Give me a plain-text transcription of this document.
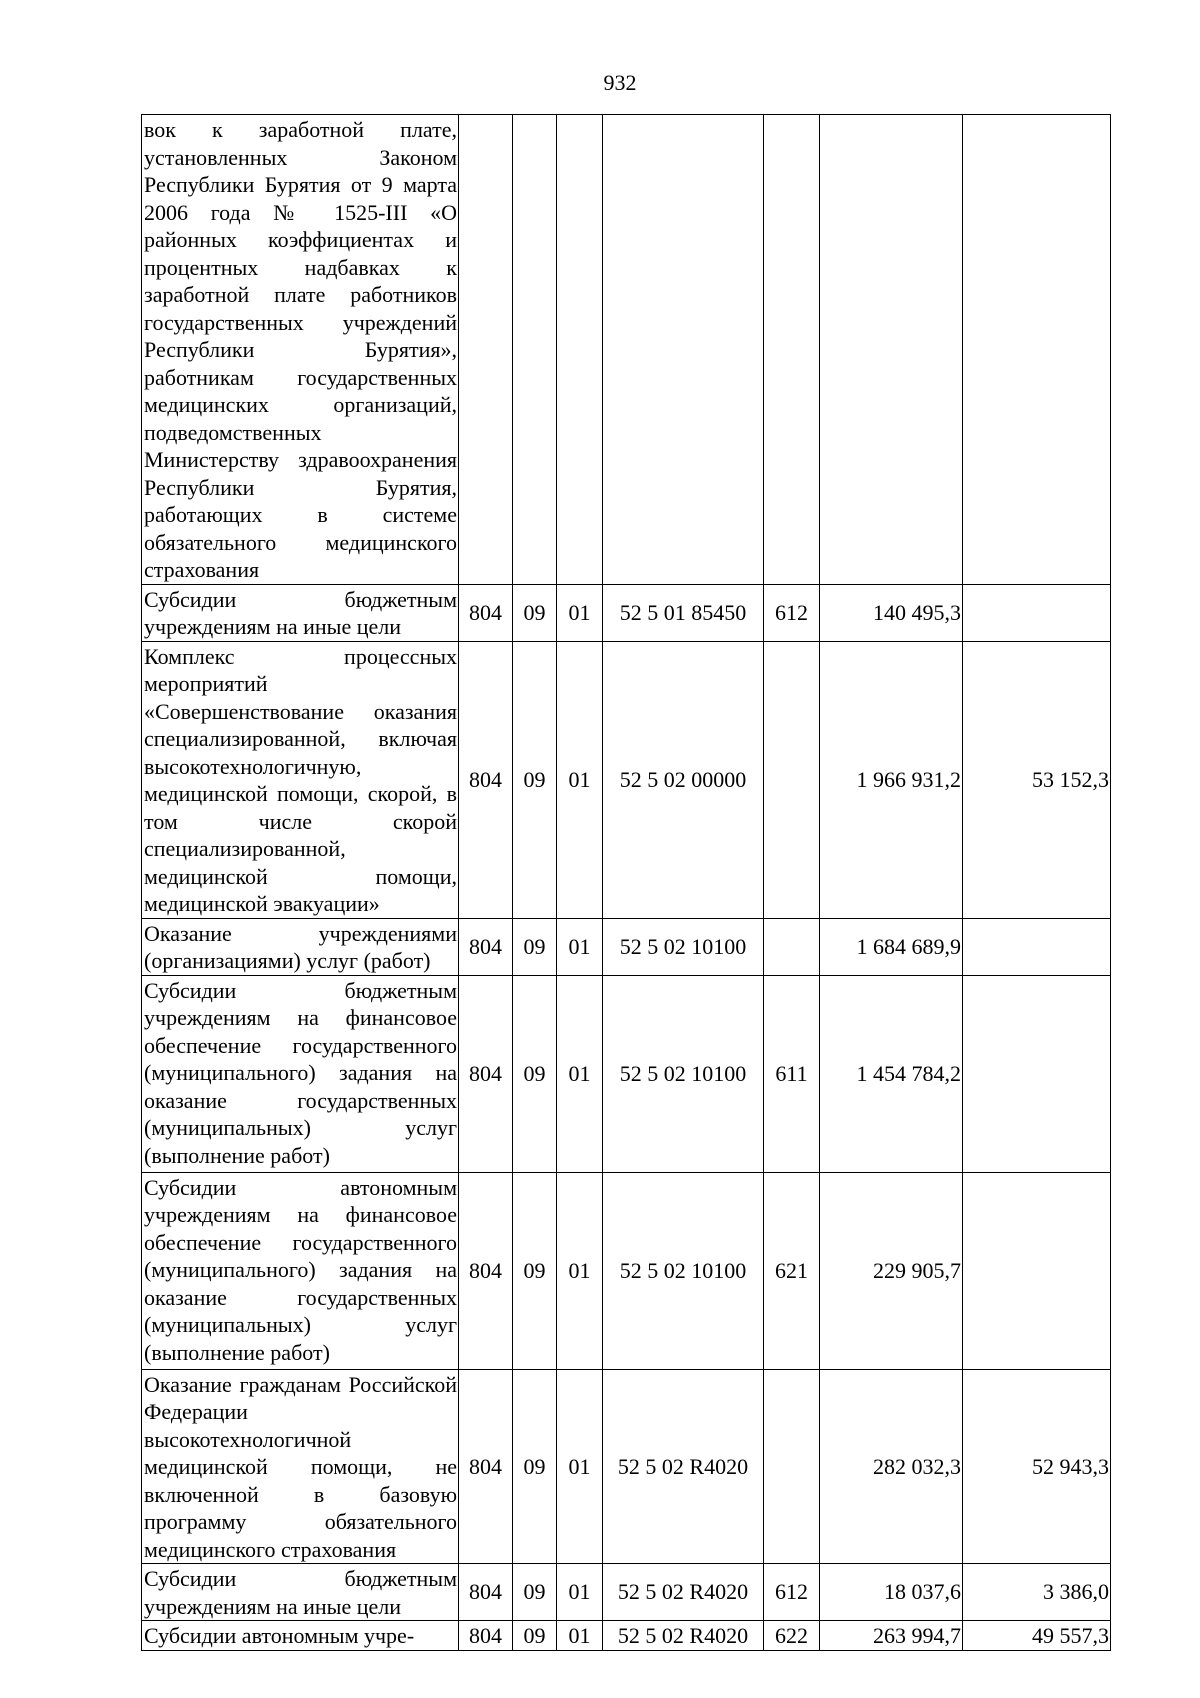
932
вок к заработной плате, установленных Законом Республики Бурятия от 9 марта 2006 года № 1525-III «О районных коэффициентах и процентных надбавках к заработной плате работников государственных учреждений Республики Бурятия», работникам государственных медицинских организаций, подведомственных Министерству здравоохранения Республики Бурятия, работающих в системе обязательного медицинского страхования							

Субсидии бюджетным учреждениям на иные цели	804	09	01	52 5 01 85450	612	140 495,3	

Комплекс процессных мероприятий «Совершенствование оказания специализированной, включая высокотехнологичную, медицинской помощи, скорой, в том числе скорой специализированной, медицинской помощи, медицинской эвакуации»	804	09	01	52 5 02 00000		1 966 931,2	53 152,3

Оказание учреждениями (организациями) услуг (работ)	804	09	01	52 5 02 10100		1 684 689,9	

Субсидии бюджетным учреждениям на финансовое обеспечение государственного (муниципального) задания на оказание государственных (муниципальных) услуг (выполнение работ)	804	09	01	52 5 02 10100	611	1 454 784,2	

Субсидии автономным учреждениям на финансовое обеспечение государственного (муниципального) задания на оказание государственных (муниципальных) услуг (выполнение работ)	804	09	01	52 5 02 10100	621	229 905,7	

Оказание гражданам Российской Федерации высокотехнологичной медицинской помощи, не включенной в базовую программу обязательного медицинского страхования	804	09	01	52 5 02 R4020		282 032,3	52 943,3

Субсидии бюджетным учреждениям на иные цели	804	09	01	52 5 02 R4020	612	18 037,6	3 386,0

Субсидии автономным учре-	804	09	01	52 5 02 R4020	622	263 994,7	49 557,3
